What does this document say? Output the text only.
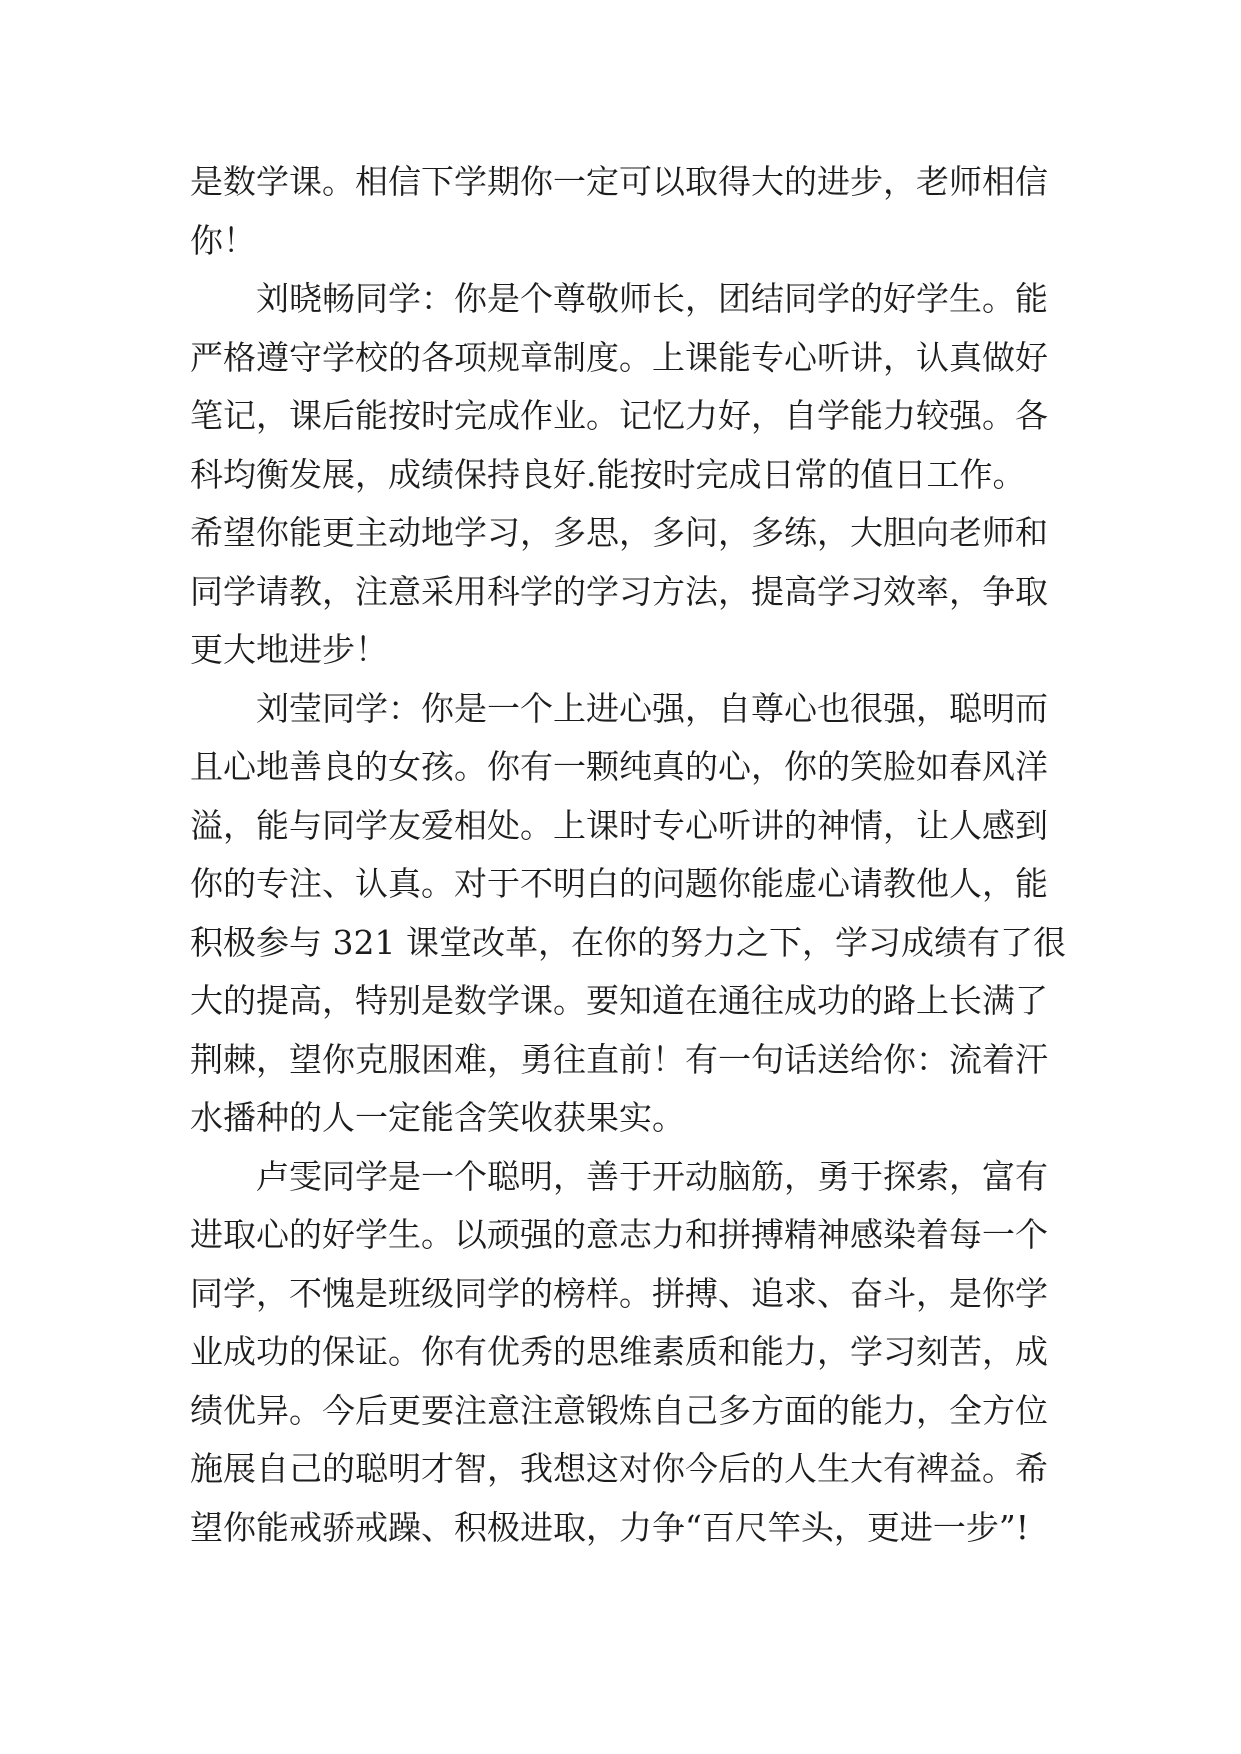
是数学课。相信下学期你一定可以取得大的进步，老师相信
你！
刘晓畅同学：你是个尊敬师长，团结同学的好学生。能
严格遵守学校的各项规章制度。上课能专心听讲，认真做好
笔记，课后能按时完成作业。记忆力好，自学能力较强。各
科均衡发展，成绩保持良好.能按时完成日常的值日工作。
希望你能更主动地学习，多思，多问，多练，大胆向老师和
同学请教，注意采用科学的学习方法，提高学习效率，争取
更大地进步！
刘莹同学：你是一个上进心强，自尊心也很强，聪明而
且心地善良的女孩。你有一颗纯真的心，你的笑脸如春风洋
溢，能与同学友爱相处。上课时专心听讲的神情，让人感到
你的专注、认真。对于不明白的问题你能虚心请教他人，能
积极参与 321 课堂改革，在你的努力之下，学习成绩有了很
大的提高，特别是数学课。要知道在通往成功的路上长满了
荆棘，望你克服困难，勇往直前！有一句话送给你：流着汗
水播种的人一定能含笑收获果实。
卢雯同学是一个聪明，善于开动脑筋，勇于探索，富有
进取心的好学生。以顽强的意志力和拼搏精神感染着每一个
同学，不愧是班级同学的榜样。拼搏、追求、奋斗，是你学
业成功的保证。你有优秀的思维素质和能力，学习刻苦，成
绩优异。今后更要注意注意锻炼自己多方面的能力，全方位
施展自己的聪明才智，我想这对你今后的人生大有裨益。希
望你能戒骄戒躁、积极进取，力争“百尺竿头，更进一步”!
